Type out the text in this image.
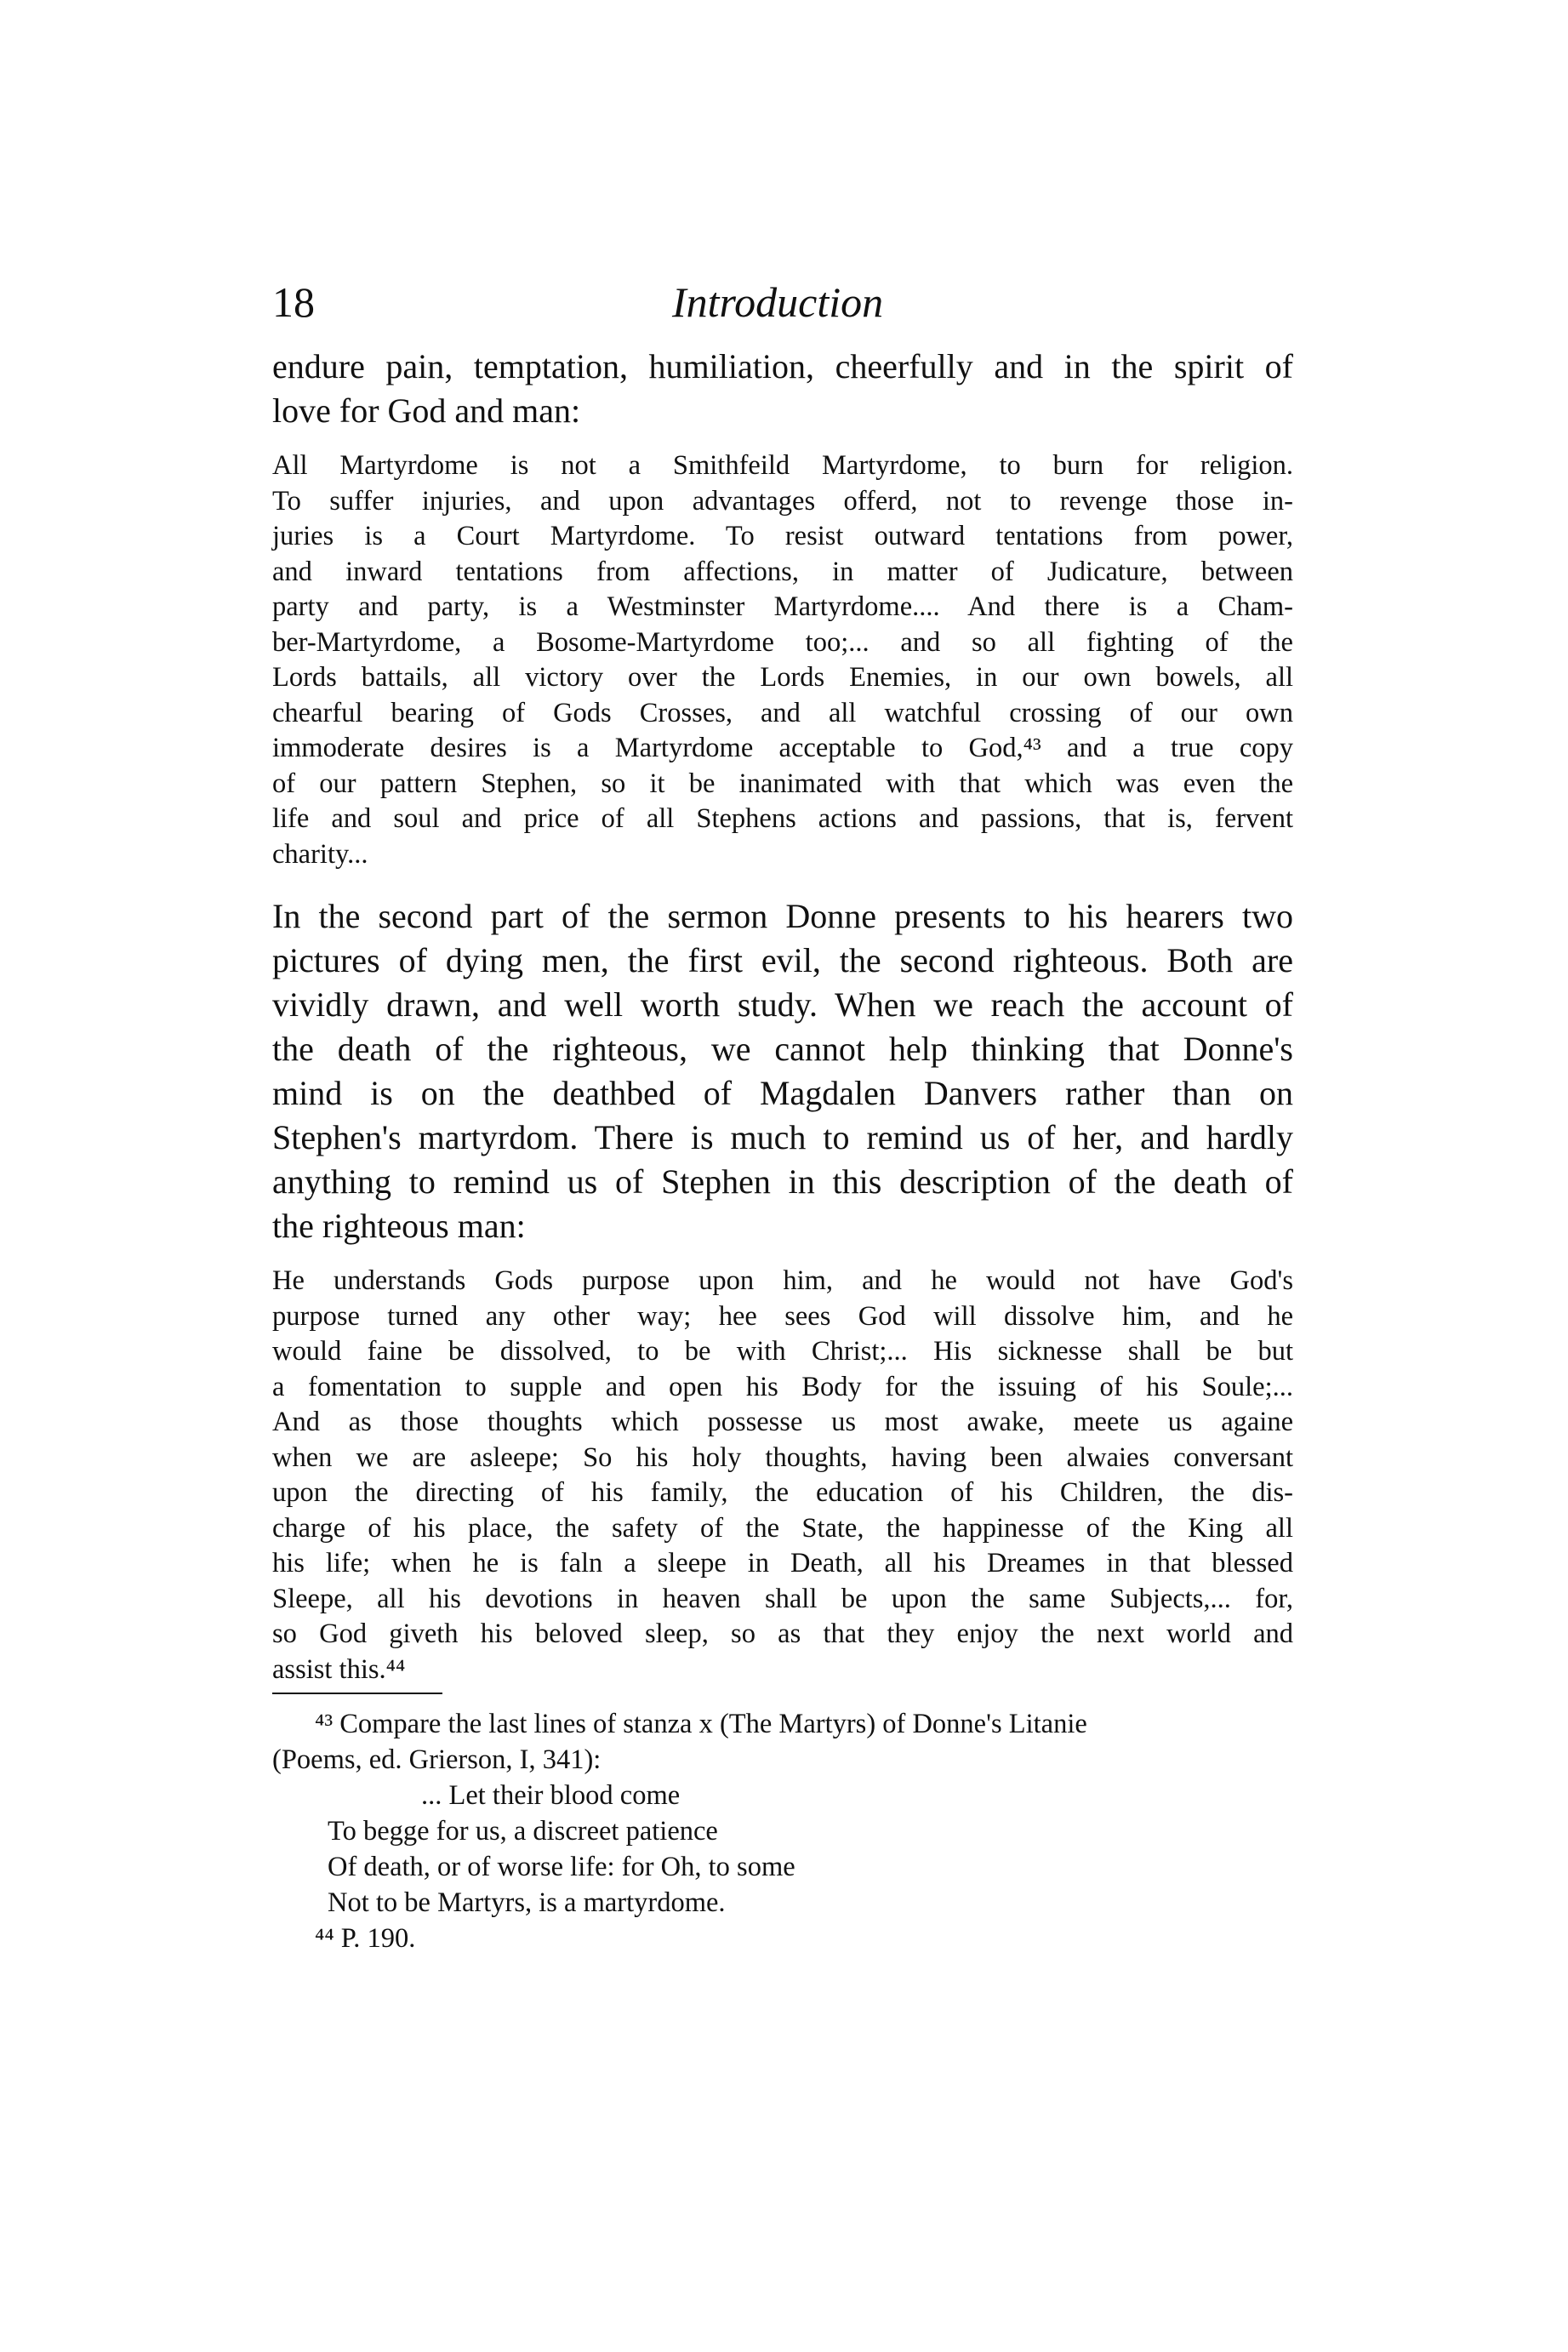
18	Introduction
endure pain, temptation, humiliation, cheerfully and in the spirit of
love for God and man:
All Martyrdome is not a Smithfeild Martyrdome, to burn for religion.
To suffer injuries, and upon advantages offerd, not to revenge those in-
juries is a Court Martyrdome. To resist outward tentations from power,
and inward tentations from affections, in matter of Judicature, between
party and party, is a Westminster Martyrdome.... And there is a Cham-
ber-Martyrdome, a Bosome-Martyrdome too;... and so all fighting of the
Lords battails, all victory over the Lords Enemies, in our own bowels, all
chearful bearing of Gods Crosses, and all watchful crossing of our own
immoderate desires is a Martyrdome acceptable to God,⁴³ and a true copy
of our pattern Stephen, so it be inanimated with that which was even the
life and soul and price of all Stephens actions and passions, that is, fervent
charity...
In the second part of the sermon Donne presents to his hearers two
pictures of dying men, the first evil, the second righteous. Both are
vividly drawn, and well worth study. When we reach the account of
the death of the righteous, we cannot help thinking that Donne's
mind is on the deathbed of Magdalen Danvers rather than on
Stephen's martyrdom. There is much to remind us of her, and hardly
anything to remind us of Stephen in this description of the death of
the righteous man:
He understands Gods purpose upon him, and he would not have God's
purpose turned any other way; hee sees God will dissolve him, and he
would faine be dissolved, to be with Christ;... His sicknesse shall be but
a fomentation to supple and open his Body for the issuing of his Soule;...
And as those thoughts which possesse us most awake, meete us againe
when we are asleepe; So his holy thoughts, having been alwaies conversant
upon the directing of his family, the education of his Children, the dis-
charge of his place, the safety of the State, the happinesse of the King all
his life; when he is faln a sleepe in Death, all his Dreames in that blessed
Sleepe, all his devotions in heaven shall be upon the same Subjects,... for,
so God giveth his beloved sleep, so as that they enjoy the next world and
assist this.⁴⁴
⁴³ Compare the last lines of stanza x (The Martyrs) of Donne's Litanie
(Poems, ed. Grierson, I, 341):
... Let their blood come
To begge for us, a discreet patience
Of death, or of worse life: for Oh, to some
Not to be Martyrs, is a martyrdome.
⁴⁴ P. 190.
